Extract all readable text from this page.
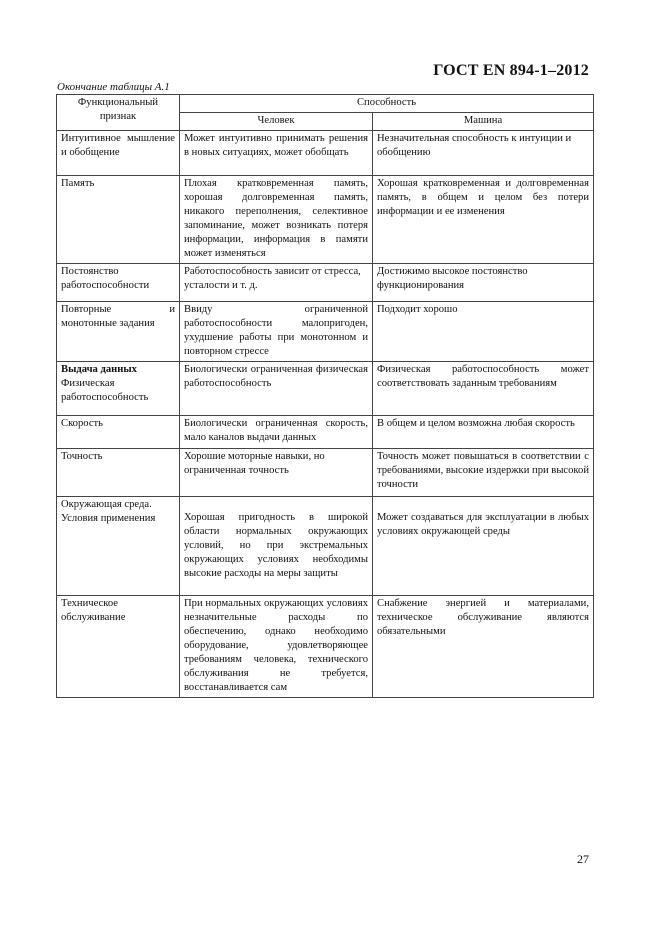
ГОСТ EN 894-1–2012
Окончание таблицы А.1
Функциональный признак	Способность	
	Человек	Машина
Интуитивное мышление и обобщение	Может интуитивно принимать решения в новых ситуациях, может обобщать	Незначительная способность к интуиции и обобщению
Память	Плохая кратковременная память, хорошая долговременная память, никакого переполнения, селективное запоминание, может возникать потеря информации, информация в памяти может изменяться	Хорошая кратковременная и долговременная память, в общем и целом без потери информации и ее изменения
Постоянство работоспособности	Работоспособность зависит от стресса, усталости и т. д.	Достижимо высокое постоянство функционирования
Повторные и монотонные задания	Ввиду ограниченной работоспособности малопригоден, ухудшение работы при монотонном и повторном стрессе	Подходит хорошо

Выдача данных
Физическая работоспособность	Биологически ограниченная физическая работоспособность	Физическая работоспособность может соответствовать заданным требованиям
Скорость	Биологически ограниченная скорость, мало каналов выдачи данных	В общем и целом возможна любая скорость
Точность	Хорошие моторные навыки, но ограниченная точность	Точность может повышаться в соответствии с требованиями, высокие издержки при высокой точности
Окружающая среда. Условия применения	Хорошая пригодность в широкой области нормальных окружающих условий, но при экстремальных окружающих условиях необходимы высокие расходы на меры защиты	Может создаваться для эксплуатации в любых условиях окружающей среды
Техническое обслуживание	При нормальных окружающих условиях незначительные расходы по обеспечению, однако необходимо оборудование, удовлетворяющее требованиям человека, технического обслуживания не требуется, восстанавливается сам	Снабжение энергией и материалами, техническое обслуживание являются обязательными
27
